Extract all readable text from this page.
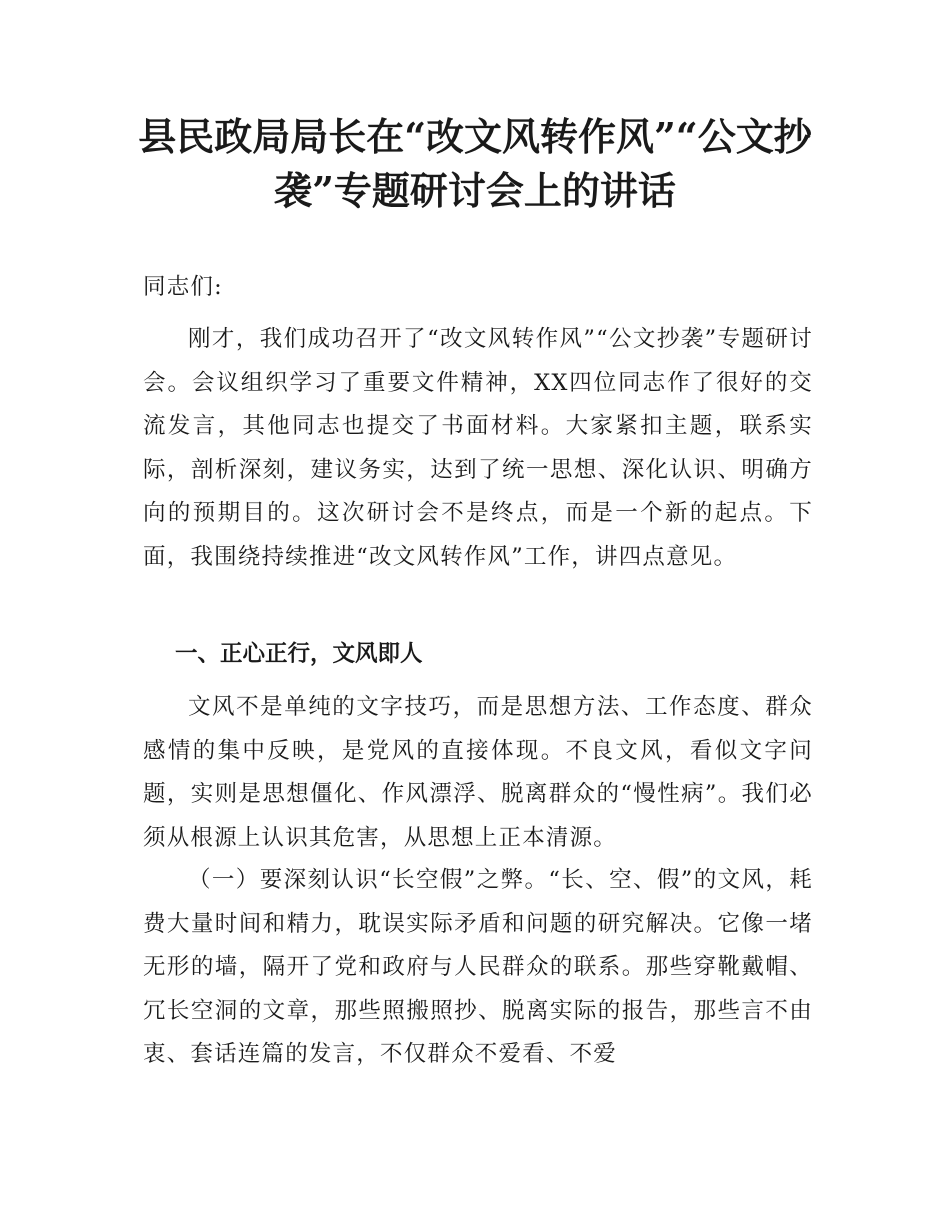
县民政局局长在“改文风转作风”“公文抄
袭”专题研讨会上的讲话

同志们:

刚才，我们成功召开了“改文风转作风”“公文抄袭”专题研讨会。会议组织学习了重要文件精神，XX四位同志作了很好的交流发言，其他同志也提交了书面材料。大家紧扣主题，联系实际，剖析深刻，建议务实，达到了统一思想、深化认识、明确方向的预期目的。这次研讨会不是终点，而是一个新的起点。下面，我围绕持续推进“改文风转作风”工作，讲四点意见。

一、正心正行，文风即人

文风不是单纯的文字技巧，而是思想方法、工作态度、群众感情的集中反映，是党风的直接体现。不良文风，看似文字问题，实则是思想僵化、作风漂浮、脱离群众的“慢性病”。我们必须从根源上认识其危害，从思想上正本清源。

（一）要深刻认识“长空假”之弊。“长、空、假”的文风，耗费大量时间和精力，耽误实际矛盾和问题的研究解决。它像一堵无形的墙，隔开了党和政府与人民群众的联系。那些穿靴戴帽、冗长空洞的文章，那些照搬照抄、脱离实际的报告，那些言不由衷、套话连篇的发言，不仅群众不爱看、不爱
